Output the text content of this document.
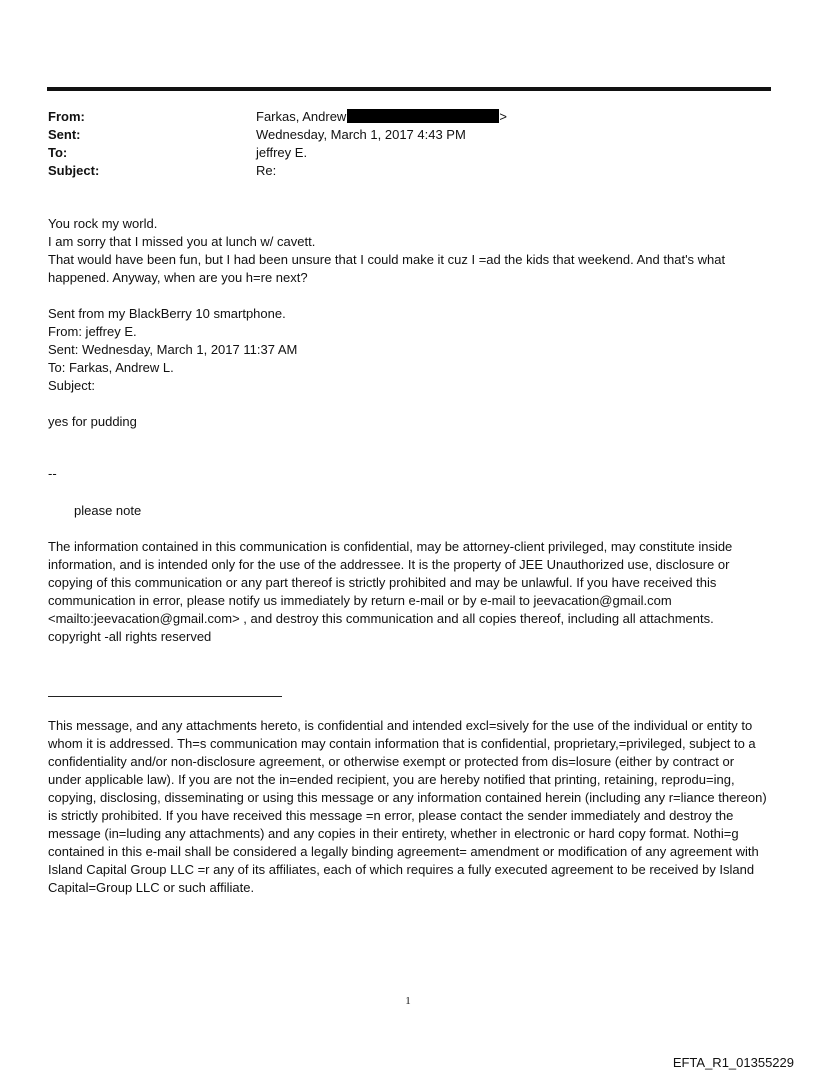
From:	Farkas, Andrew	>
Sent:	Wednesday, March 1, 2017 4:43 PM
To:	jeffrey E.
Subject:	Re:

You rock my world.

I am sorry that I missed you at lunch w/ cavett.

That would have been fun, but I had been unsure that I could make it cuz I =ad the kids that weekend. And that's what happened. Anyway, when are you h=re next?

Sent from my BlackBerry 10 smartphone.

From: jeffrey E.

Sent: Wednesday, March 1, 2017 11:37 AM

To: Farkas, Andrew L.

Subject:

yes for pudding

--
please note
The information contained in this communication is confidential, may be attorney-client privileged, may constitute inside information, and is intended only for the use of the addressee. It is the property of JEE Unauthorized use, disclosure or copying of this communication or any part thereof is strictly prohibited and may be unlawful. If you have received this communication in error, please notify us immediately by return e-mail or by e-mail to jeevacation@gmail.com <mailto:jeevacation@gmail.com> , and destroy this communication and all copies thereof, including all attachments. copyright -all rights reserved
This message, and any attachments hereto, is confidential and intended excl=sively for the use of the individual or entity to whom it is addressed. Th=s communication may contain information that is confidential, proprietary,=privileged, subject to a confidentiality and/or non-disclosure agreement, or otherwise exempt or protected from dis=losure (either by contract or under applicable law). If you are not the in=ended recipient, you are hereby notified that printing, retaining, reprodu=ing, copying, disclosing, disseminating or using this message or any information contained herein (including any r=liance thereon) is strictly prohibited. If you have received this message =n error, please contact the sender immediately and destroy the message (in=luding any attachments) and any copies in their entirety, whether in electronic or hard copy format. Nothi=g contained in this e-mail shall be considered a legally binding agreement= amendment or modification of any agreement with Island Capital Group LLC =r any of its affiliates, each of which requires a fully executed agreement to be received by Island Capital=Group LLC or such affiliate.
1
EFTA_R1_01355229
